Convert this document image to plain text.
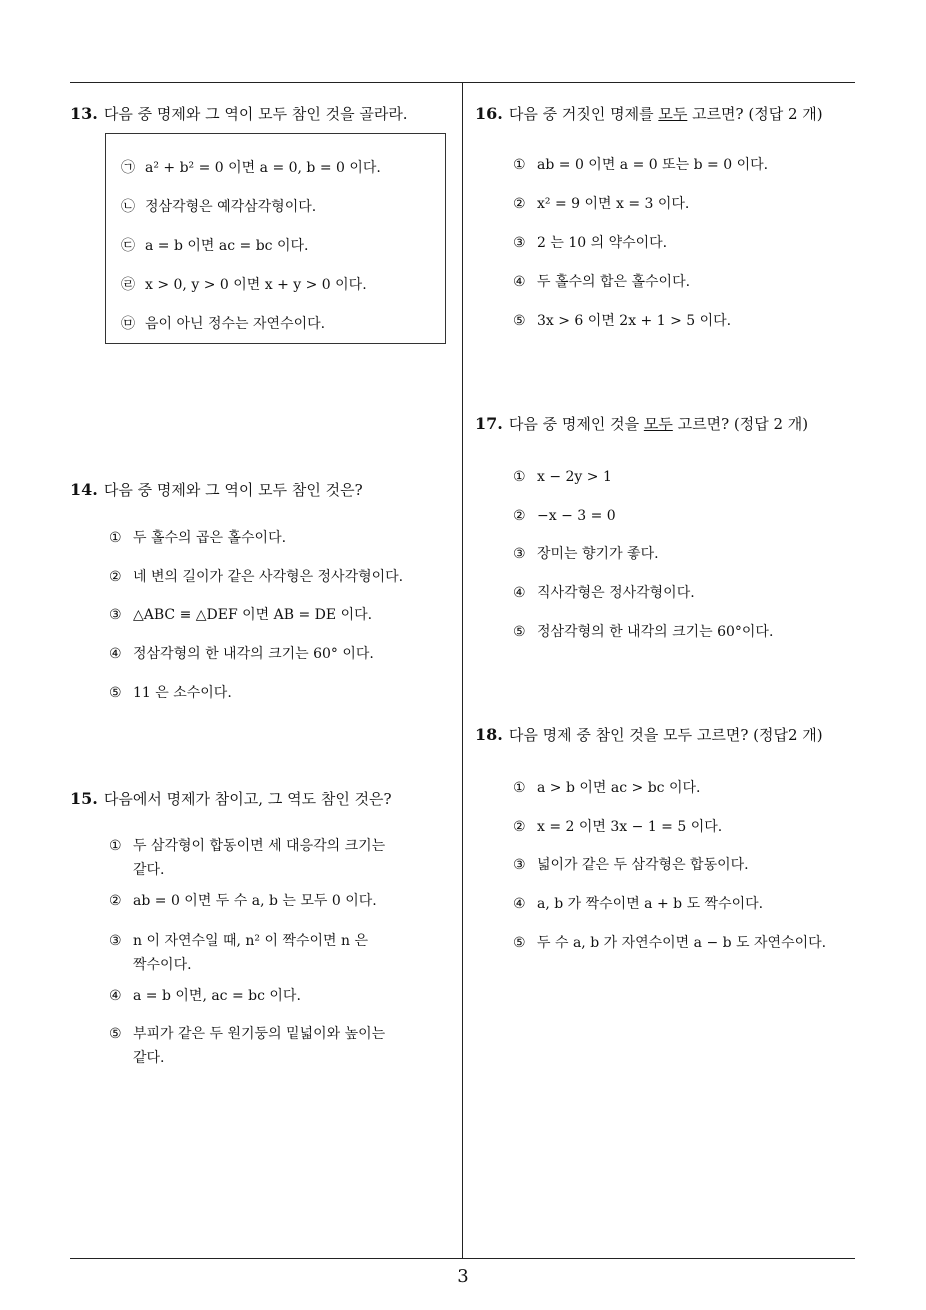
13. 다음 중 명제와 그 역이 모두 참인 것을 골라라.
㉠ a² + b² = 0 이면 a = 0, b = 0 이다.
㉡ 정삼각형은 예각삼각형이다.
㉢ a = b 이면 ac = bc 이다.
㉣ x > 0, y > 0 이면 x + y > 0 이다.
㉤ 음이 아닌 정수는 자연수이다.
14. 다음 중 명제와 그 역이 모두 참인 것은?
① 두 홀수의 곱은 홀수이다.
② 네 변의 길이가 같은 사각형은 정사각형이다.
③ △ABC ≡ △DEF 이면 AB = DE 이다.
④ 정삼각형의 한 내각의 크기는 60° 이다.
⑤ 11 은 소수이다.
15. 다음에서 명제가 참이고, 그 역도 참인 것은?
① 두 삼각형이 합동이면 세 대응각의 크기는
같다.
② ab = 0 이면 두 수 a, b 는 모두 0 이다.
③ n 이 자연수일 때, n² 이 짝수이면 n 은
짝수이다.
④ a = b 이면, ac = bc 이다.
⑤ 부피가 같은 두 원기둥의 밑넓이와 높이는
같다.
16. 다음 중 거짓인 명제를 모두 고르면? (정답 2 개)
① ab = 0 이면 a = 0 또는 b = 0 이다.
② x² = 9 이면 x = 3 이다.
③ 2 는 10 의 약수이다.
④ 두 홀수의 합은 홀수이다.
⑤ 3x > 6 이면 2x + 1 > 5 이다.
17. 다음 중 명제인 것을 모두 고르면? (정답 2 개)
① x − 2y > 1
② −x − 3 = 0
③ 장미는 향기가 좋다.
④ 직사각형은 정사각형이다.
⑤ 정삼각형의 한 내각의 크기는 60°이다.
18. 다음 명제 중 참인 것을 모두 고르면? (정답2 개)
① a > b 이면 ac > bc 이다.
② x = 2 이면 3x − 1 = 5 이다.
③ 넓이가 같은 두 삼각형은 합동이다.
④ a, b 가 짝수이면 a + b 도 짝수이다.
⑤ 두 수 a, b 가 자연수이면 a − b 도 자연수이다.
3
